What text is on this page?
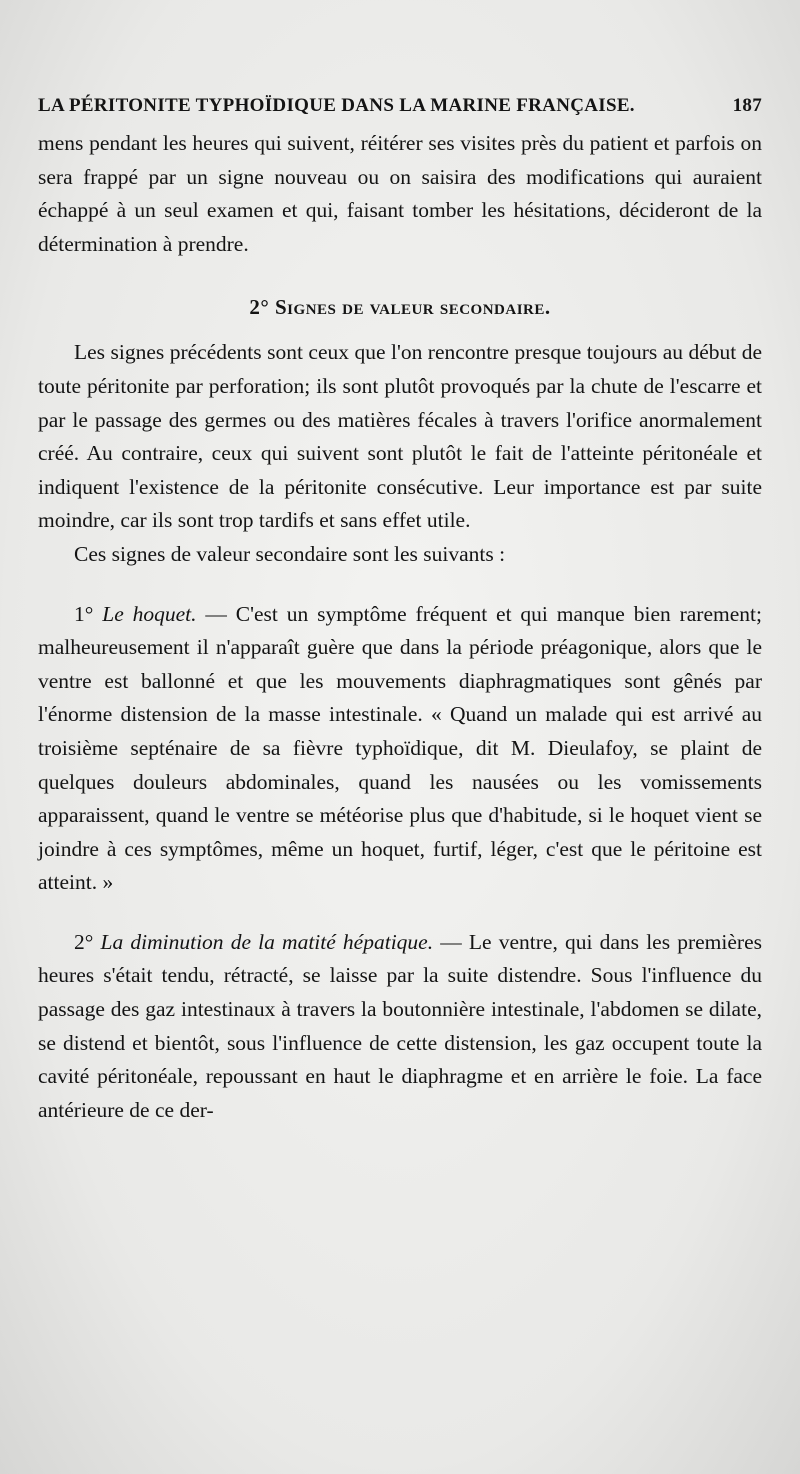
LA PÉRITONITE TYPHOÏDIQUE DANS LA MARINE FRANÇAISE.	187

mens pendant les heures qui suivent, réitérer ses visites près du patient et parfois on sera frappé par un signe nouveau ou on saisira des modifications qui auraient échappé à un seul examen et qui, faisant tomber les hésitations, décideront de la détermination à prendre.

2° Signes de valeur secondaire.

Les signes précédents sont ceux que l'on rencontre presque toujours au début de toute péritonite par perforation; ils sont plutôt provoqués par la chute de l'escarre et par le passage des germes ou des matières fécales à travers l'orifice anormalement créé. Au contraire, ceux qui suivent sont plutôt le fait de l'atteinte péritonéale et indiquent l'existence de la péritonite consécutive. Leur importance est par suite moindre, car ils sont trop tardifs et sans effet utile.

Ces signes de valeur secondaire sont les suivants :

1° Le hoquet. — C'est un symptôme fréquent et qui manque bien rarement; malheureusement il n'apparaît guère que dans la période préagonique, alors que le ventre est ballonné et que les mouvements diaphragmatiques sont gênés par l'énorme distension de la masse intestinale. « Quand un malade qui est arrivé au troisième septénaire de sa fièvre typhoïdique, dit M. Dieulafoy, se plaint de quelques douleurs abdominales, quand les nausées ou les vomissements apparaissent, quand le ventre se météorise plus que d'habitude, si le hoquet vient se joindre à ces symptômes, même un hoquet, furtif, léger, c'est que le péritoine est atteint. »

2° La diminution de la matité hépatique. — Le ventre, qui dans les premières heures s'était tendu, rétracté, se laisse par la suite distendre. Sous l'influence du passage des gaz intestinaux à travers la boutonnière intestinale, l'abdomen se dilate, se distend et bientôt, sous l'influence de cette distension, les gaz occupent toute la cavité péritonéale, repoussant en haut le diaphragme et en arrière le foie. La face antérieure de ce der-
